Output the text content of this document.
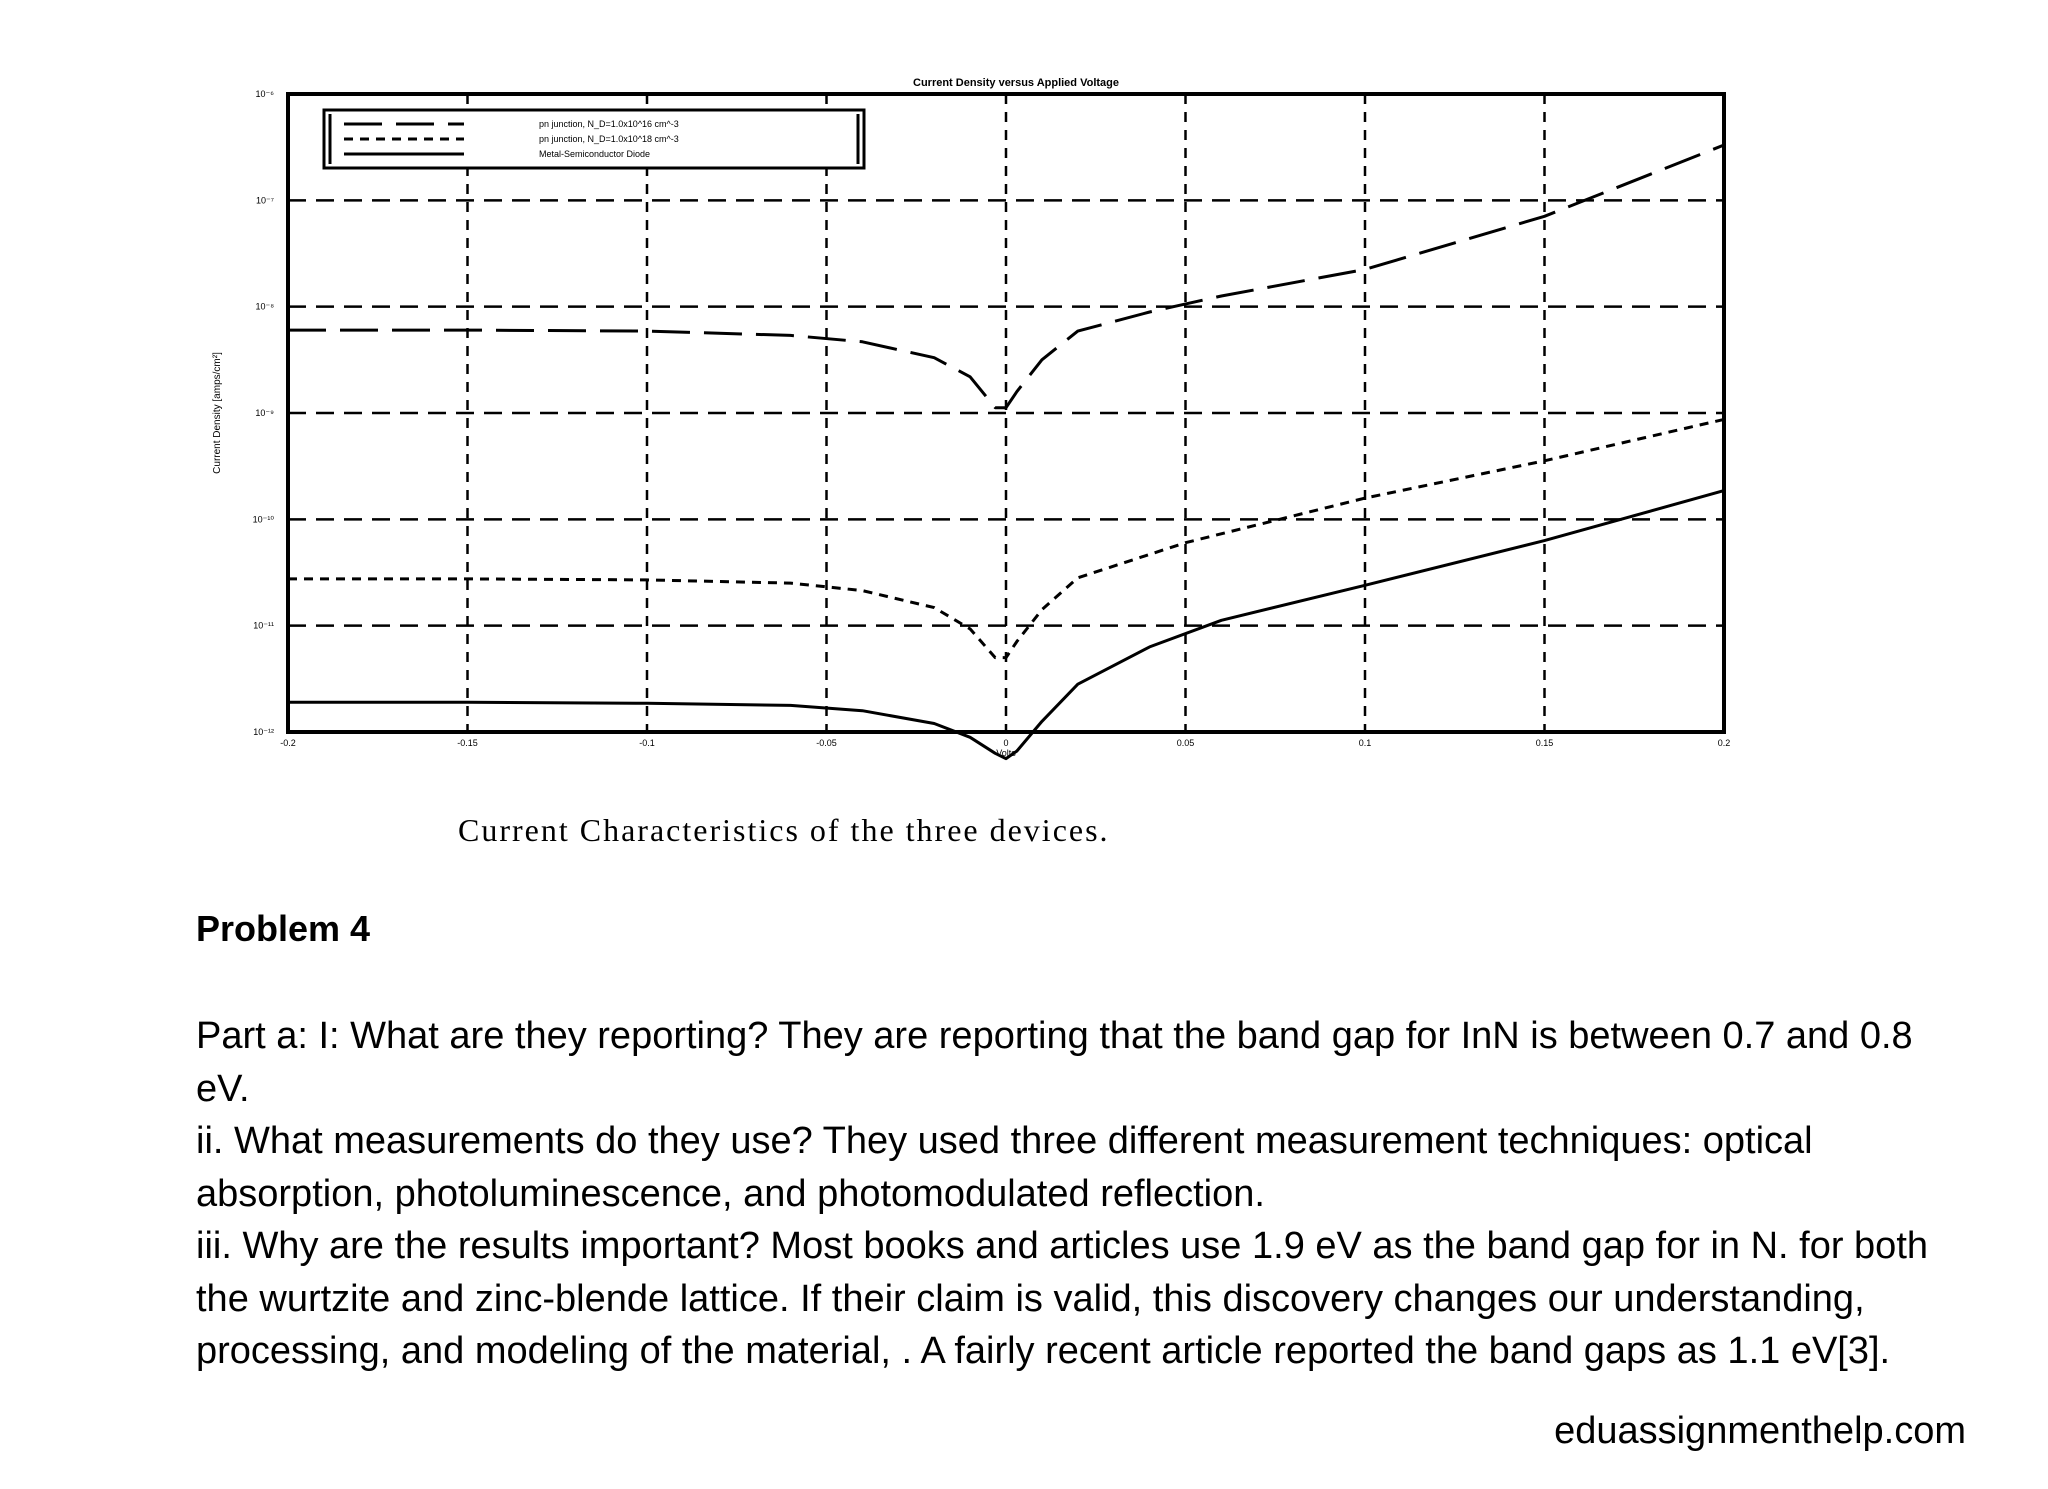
-0.2	-0.15	-0.1	-0.05	0	0.05	0.1	0.15	0.2
10⁻¹²
10⁻¹¹
10⁻¹⁰
10⁻⁹
10⁻⁸
10⁻⁷
10⁻⁶
Current Density versus Applied Voltage
Volts
Current Density [amps/cm²]
pn junction, N_D=1.0x10^16 cm^-3
pn junction, N_D=1.0x10^18 cm^-3
Metal-Semiconductor Diode
Current Characteristics of the three devices.
Problem 4

Part a: I: What are they reporting? They are reporting that the band gap for InN is between 0.7 and 0.8 eV.

ii. What measurements do they use? They used three different measurement techniques: optical absorption, photoluminescence, and photomodulated reflection.

iii. Why are the results important? Most books and articles use 1.9 eV as the band gap for in N. for both the wurtzite and zinc-blende lattice. If their claim is valid, this discovery changes our understanding, processing, and modeling of the material, . A fairly recent article reported the band gaps as 1.1 eV[3].

eduassignmenthelp.com
